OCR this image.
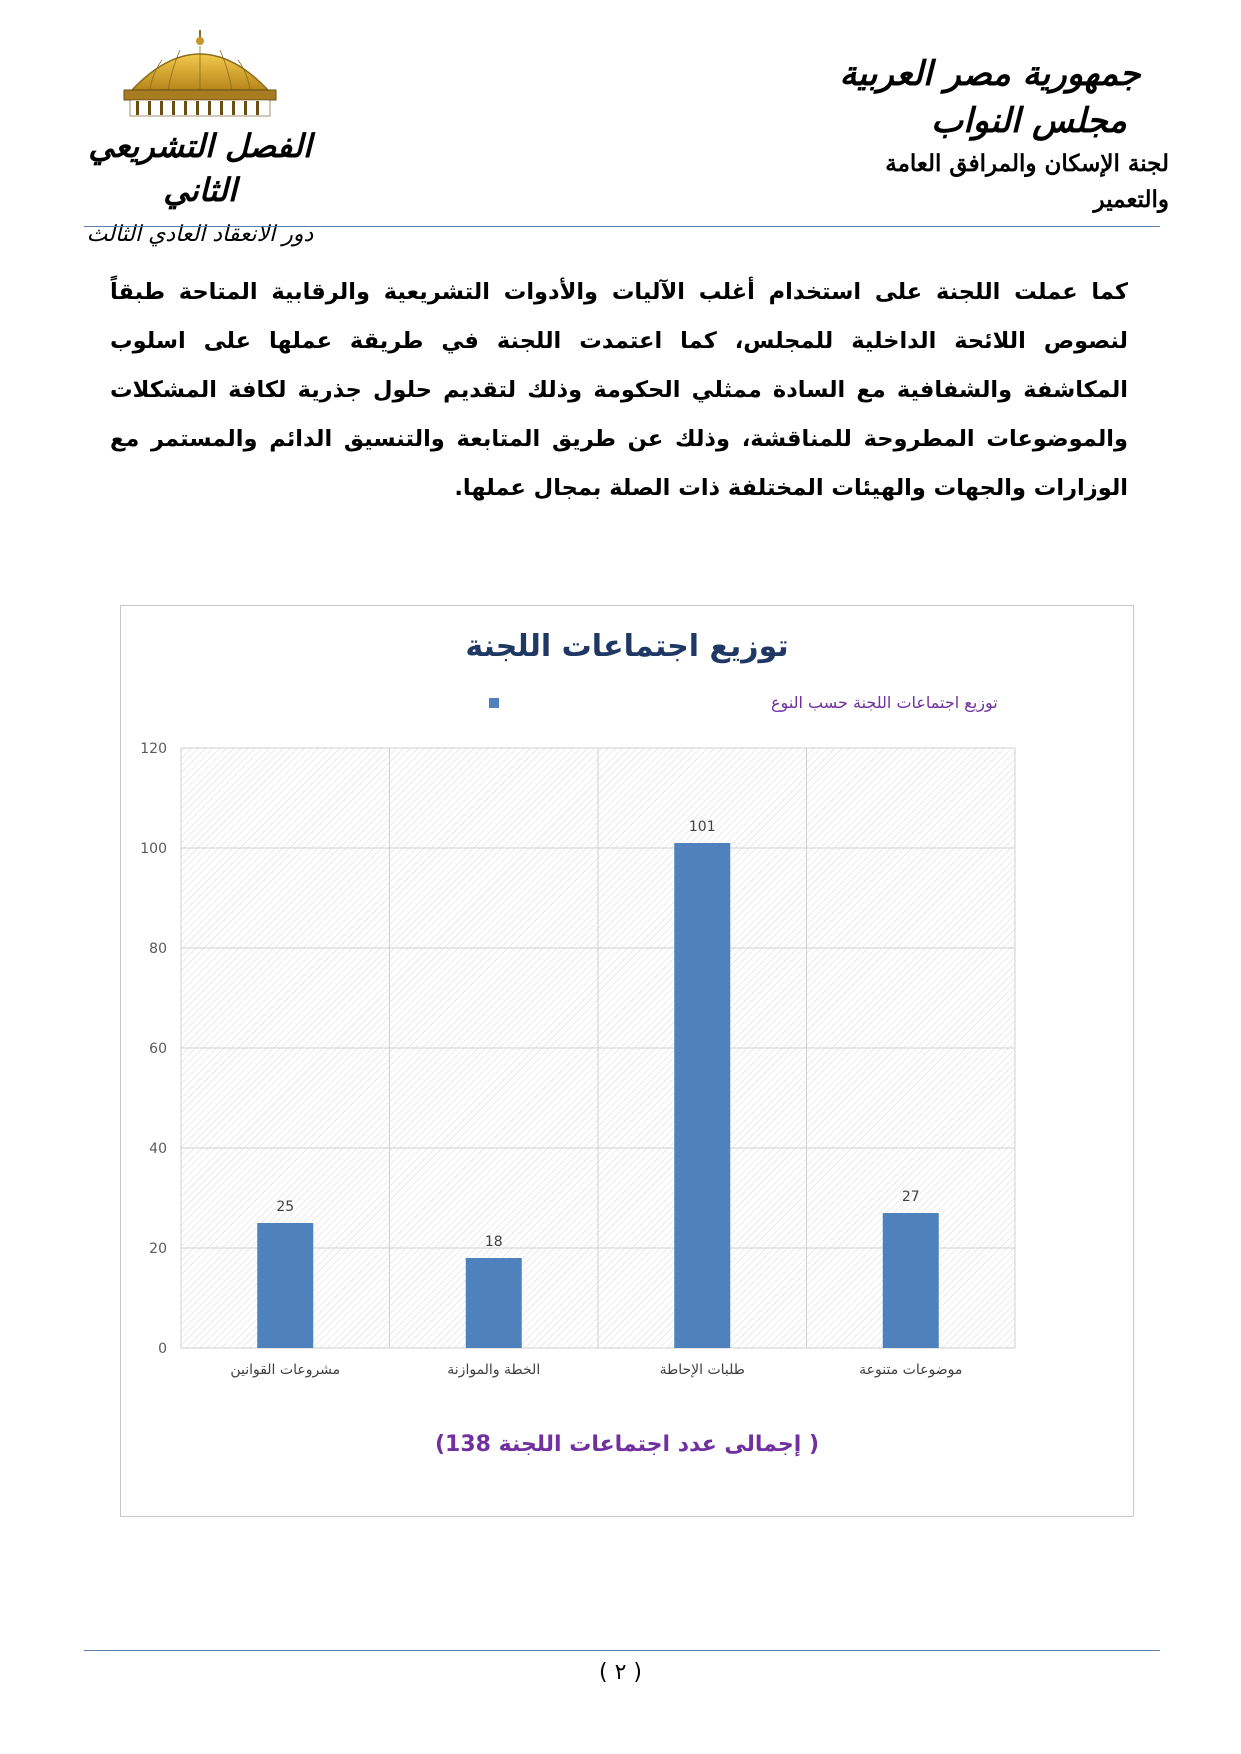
جمهورية مصر العربية
مجلس النواب
لجنة الإسكان والمرافق العامة والتعمير
الفصل التشريعي الثاني
دور الانعقاد العادي الثالث
كما عملت اللجنة على استخدام أغلب الآليات والأدوات التشريعية والرقابية المتاحة طبقاً لنصوص اللائحة الداخلية للمجلس، كما اعتمدت اللجنة في طريقة عملها على اسلوب المكاشفة والشفافية مع السادة ممثلي الحكومة وذلك لتقديم حلول جذرية لكافة المشكلات والموضوعات المطروحة للمناقشة، وذلك عن طريق المتابعة والتنسيق الدائم والمستمر مع الوزارات والجهات والهيئات المختلفة ذات الصلة بمجال عملها.
توزيع اجتماعات اللجنة
توزيع اجتماعات اللجنة حسب النوع
0
20
40
60
80
100
120
25
18
101
27
مشروعات القوانين	الخطة والموازنة	طلبات الإحاطة	موضوعات متنوعة
( إجمالى عدد اجتماعات اللجنة 138)
( ٢ )
